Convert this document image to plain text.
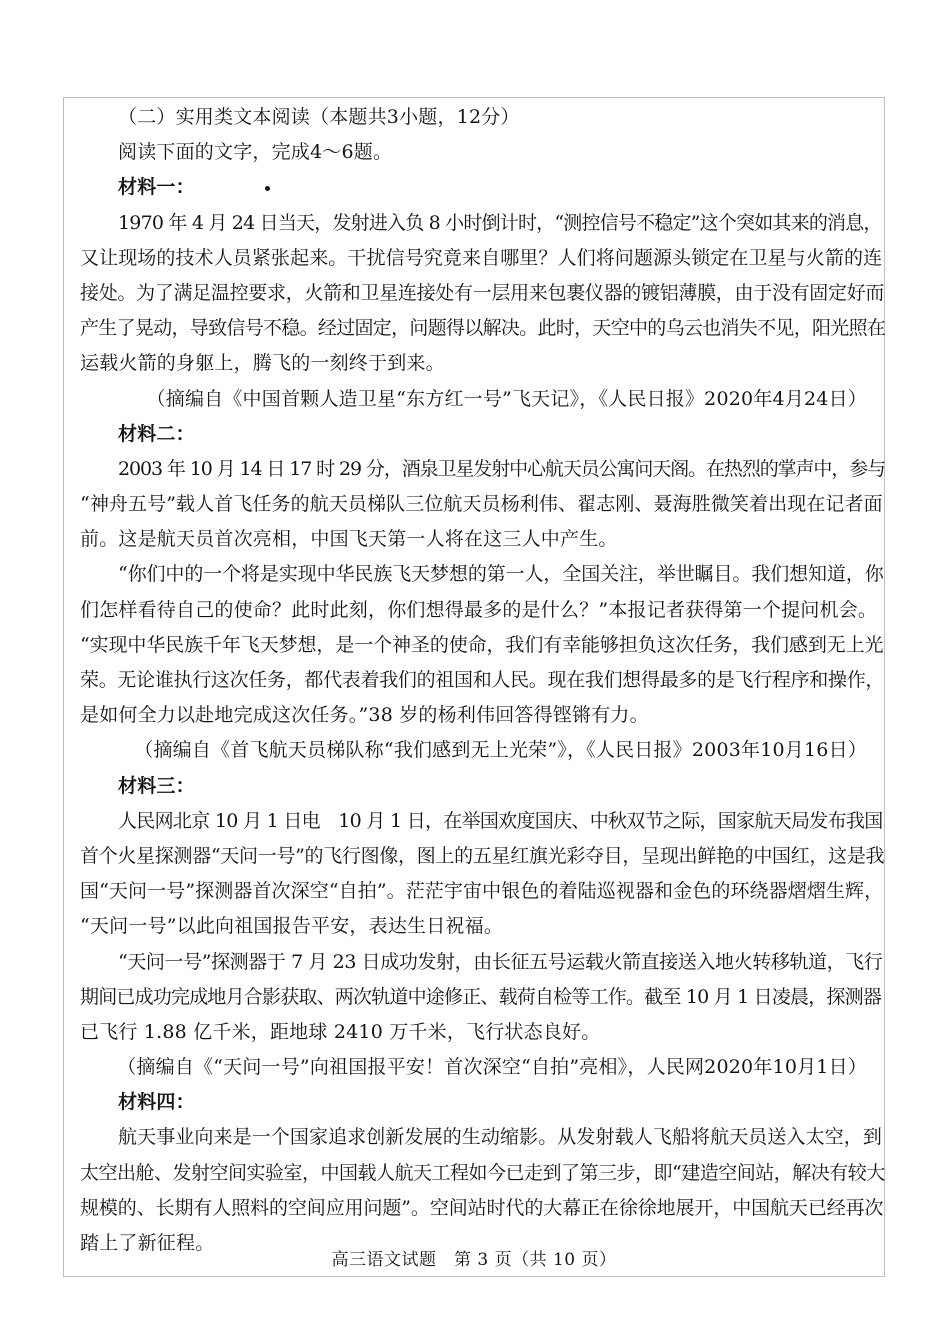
（二）实用类文本阅读（本题共3小题，12分）
阅读下面的文字，完成4～6题。
材料一：
1970 年 4 月 24 日当天，发射进入负 8 小时倒计时，“测控信号不稳定”这个突如其来的消息，
又让现场的技术人员紧张起来。干扰信号究竟来自哪里？人们将问题源头锁定在卫星与火箭的连
接处。为了满足温控要求，火箭和卫星连接处有一层用来包裹仪器的镀铝薄膜，由于没有固定好而
产生了晃动，导致信号不稳。经过固定，问题得以解决。此时，天空中的乌云也消失不见，阳光照在
运载火箭的身躯上，腾飞的一刻终于到来。
（摘编自《中国首颗人造卫星“东方红一号”飞天记》，《人民日报》2020年4月24日）
材料二：
2003 年 10 月 14 日 17 时 29 分，酒泉卫星发射中心航天员公寓问天阁。在热烈的掌声中，参与
“神舟五号”载人首飞任务的航天员梯队三位航天员杨利伟、翟志刚、聂海胜微笑着出现在记者面
前。这是航天员首次亮相，中国飞天第一人将在这三人中产生。
“你们中的一个将是实现中华民族飞天梦想的第一人，全国关注，举世瞩目。我们想知道，你
们怎样看待自己的使命？此时此刻，你们想得最多的是什么？”本报记者获得第一个提问机会。
“实现中华民族千年飞天梦想，是一个神圣的使命，我们有幸能够担负这次任务，我们感到无上光
荣。无论谁执行这次任务，都代表着我们的祖国和人民。现在我们想得最多的是飞行程序和操作，
是如何全力以赴地完成这次任务。”38 岁的杨利伟回答得铿锵有力。
（摘编自《首飞航天员梯队称“我们感到无上光荣”》，《人民日报》2003年10月16日）
材料三：
人民网北京 10 月 1 日电　10 月 1 日，在举国欢度国庆、中秋双节之际，国家航天局发布我国
首个火星探测器“天问一号”的飞行图像，图上的五星红旗光彩夺目，呈现出鲜艳的中国红，这是我
国“天问一号”探测器首次深空“自拍”。茫茫宇宙中银色的着陆巡视器和金色的环绕器熠熠生辉，
“天问一号”以此向祖国报告平安，表达生日祝福。
“天问一号”探测器于 7 月 23 日成功发射，由长征五号运载火箭直接送入地火转移轨道，飞行
期间已成功完成地月合影获取、两次轨道中途修正、载荷自检等工作。截至 10 月 1 日凌晨，探测器
已飞行 1.88 亿千米，距地球 2410 万千米，飞行状态良好。
（摘编自《“天问一号”向祖国报平安！首次深空“自拍”亮相》，人民网2020年10月1日）
材料四：
航天事业向来是一个国家追求创新发展的生动缩影。从发射载人飞船将航天员送入太空，到
太空出舱、发射空间实验室，中国载人航天工程如今已走到了第三步，即“建造空间站，解决有较大
规模的、长期有人照料的空间应用问题”。空间站时代的大幕正在徐徐地展开，中国航天已经再次
踏上了新征程。
高三语文试题　第 3 页（共 10 页）
